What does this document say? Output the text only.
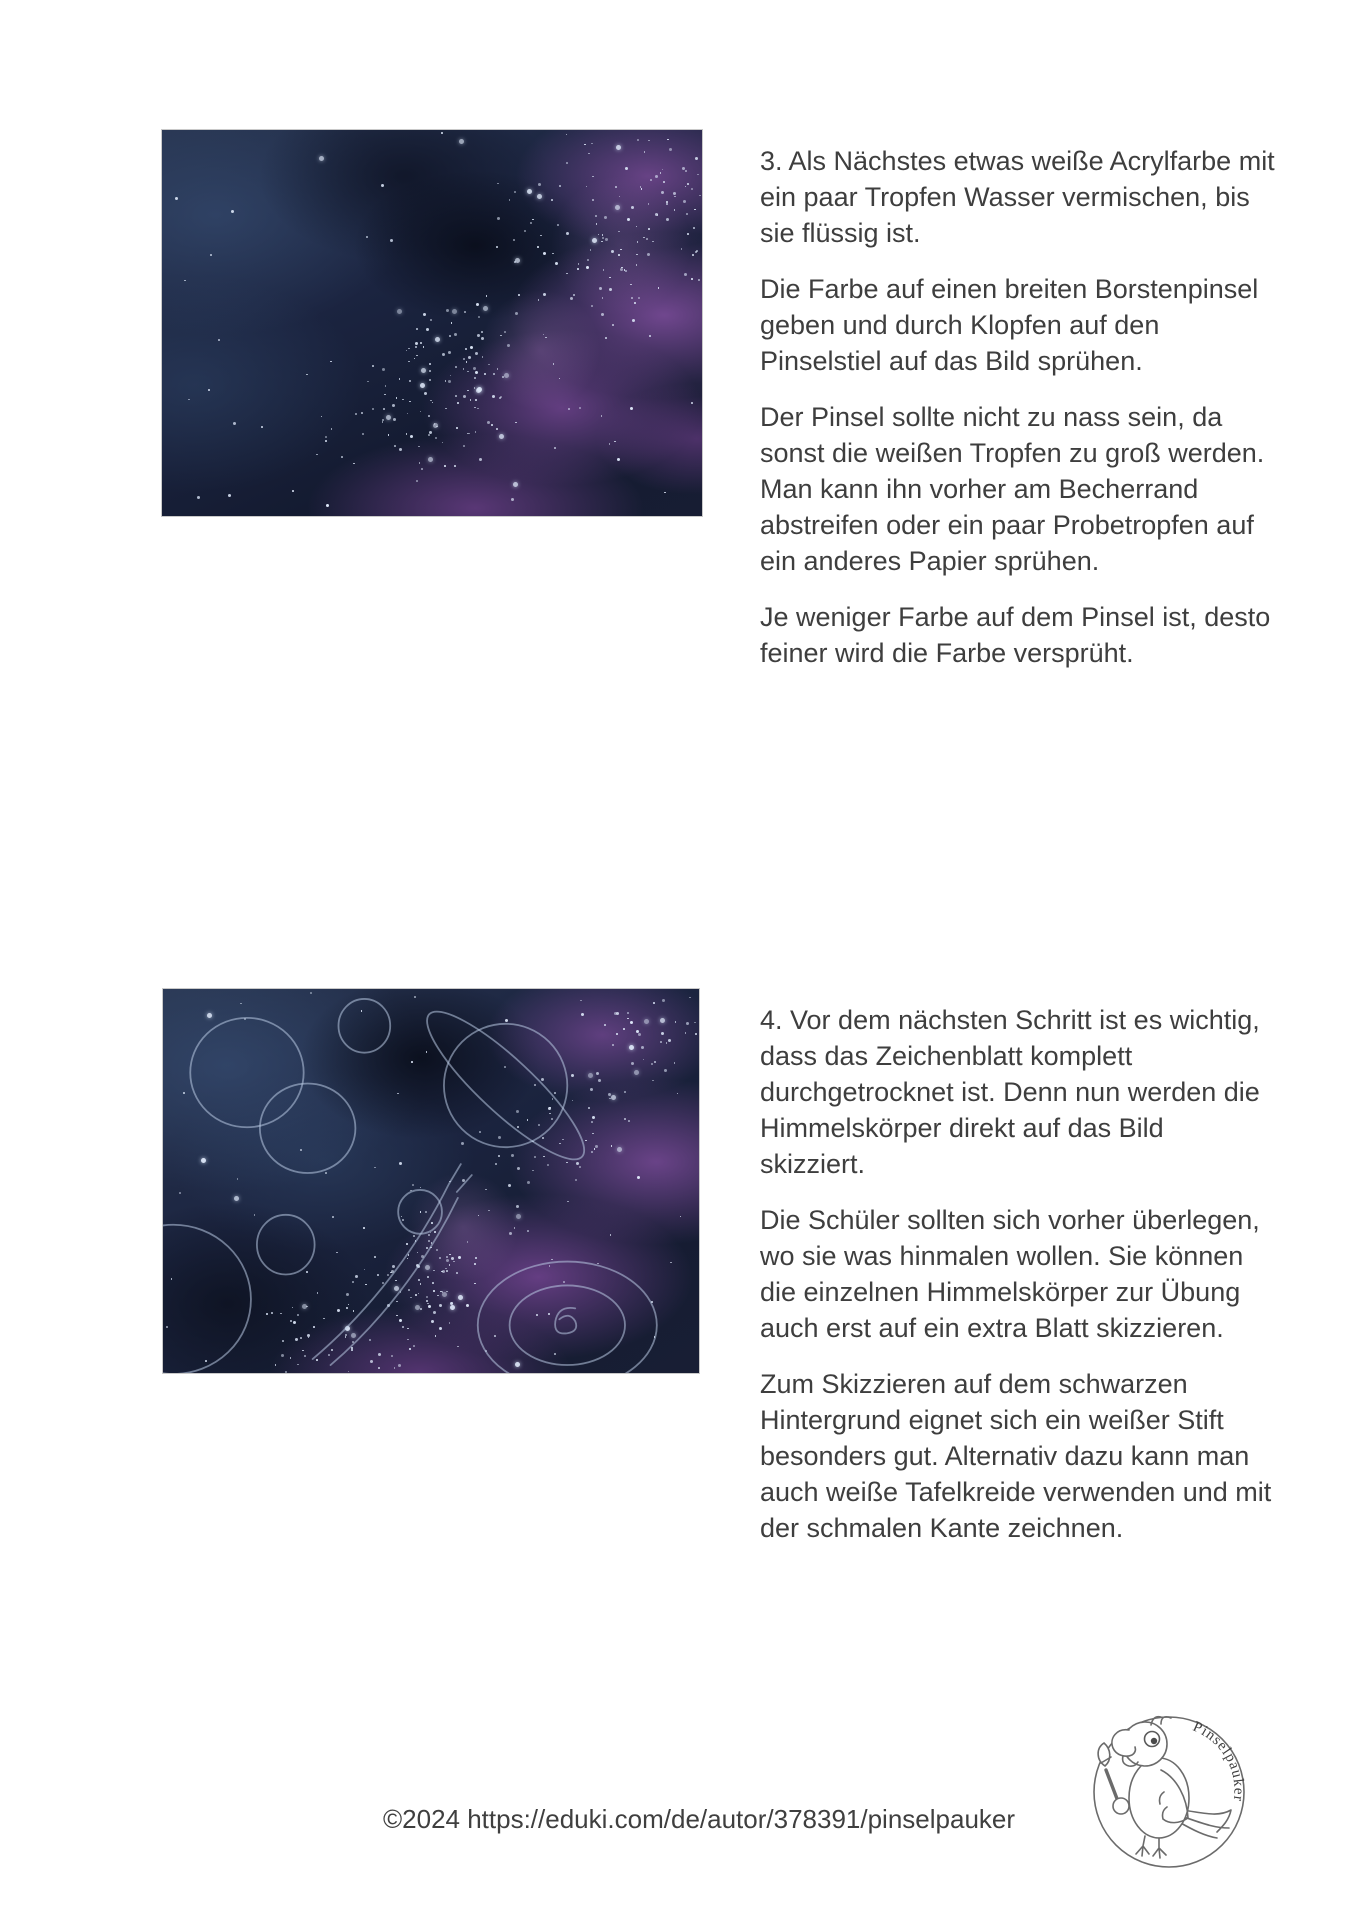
3. Als Nächstes etwas weiße Acrylfarbe mit ein paar Tropfen Wasser vermischen, bis sie flüssig ist.

Die Farbe auf einen breiten Borstenpinsel geben und durch Klopfen auf den Pinselstiel auf das Bild sprühen.

Der Pinsel sollte nicht zu nass sein, da sonst die weißen Tropfen zu groß werden. Man kann ihn vorher am Becherrand abstreifen oder ein paar Probetropfen auf ein anderes Papier sprühen.

Je weniger Farbe auf dem Pinsel ist, desto feiner wird die Farbe versprüht.

4. Vor dem nächsten Schritt ist es wichtig, dass das Zeichenblatt komplett durchgetrocknet ist. Denn nun werden die Himmelskörper direkt auf das Bild skizziert.

Die Schüler sollten sich vorher überlegen, wo sie was hinmalen wollen. Sie können die einzelnen Himmelskörper zur Übung auch erst auf ein extra Blatt skizzieren.

Zum Skizzieren auf dem schwarzen Hintergrund eignet sich ein weißer Stift besonders gut. Alternativ dazu kann man auch weiße Tafelkreide verwenden und mit der schmalen Kante zeichnen.

©2024 https://eduki.com/de/autor/378391/pinselpauker
Pinselpauker
